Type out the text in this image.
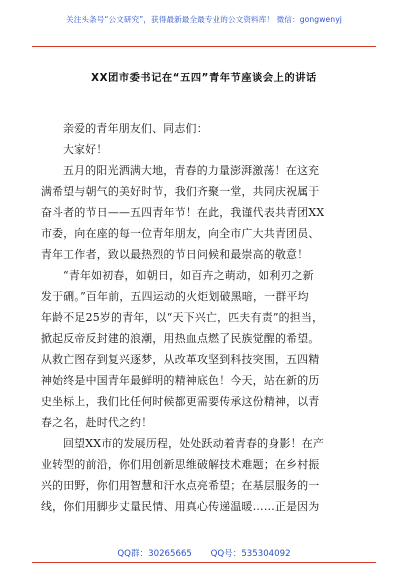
关注头条号“公文研究”，获得最新最全最专业的公文资料库！ 微信：gongwenyj
XX团市委书记在“五四”青年节座谈会上的讲话
亲爱的青年朋友们、同志们：
大家好！
五月的阳光洒满大地，青春的力量澎湃激荡！在这充
满希望与朝气的美好时节，我们齐聚一堂，共同庆祝属于
奋斗者的节日——五四青年节！在此，我谨代表共青团XX
市委，向在座的每一位青年朋友，向全市广大共青团员、
青年工作者，致以最热烈的节日问候和最崇高的敬意！
“青年如初春，如朝日，如百卉之萌动，如利刃之新
发于硎。”百年前，五四运动的火炬划破黑暗，一群平均
年龄不足25岁的青年，以“天下兴亡，匹夫有责”的担当，
掀起反帝反封建的浪潮，用热血点燃了民族觉醒的希望。
从救亡图存到复兴逐梦，从改革攻坚到科技突围，五四精
神始终是中国青年最鲜明的精神底色！今天，站在新的历
史坐标上，我们比任何时候都更需要传承这份精神，以青
春之名，赴时代之约！
回望XX市的发展历程，处处跃动着青春的身影！在产
业转型的前沿，你们用创新思维破解技术难题；在乡村振
兴的田野，你们用智慧和汗水点亮希望；在基层服务的一
线，你们用脚步丈量民情、用真心传递温暖……正是因为
QQ群：30265665 QQ号：535304092
